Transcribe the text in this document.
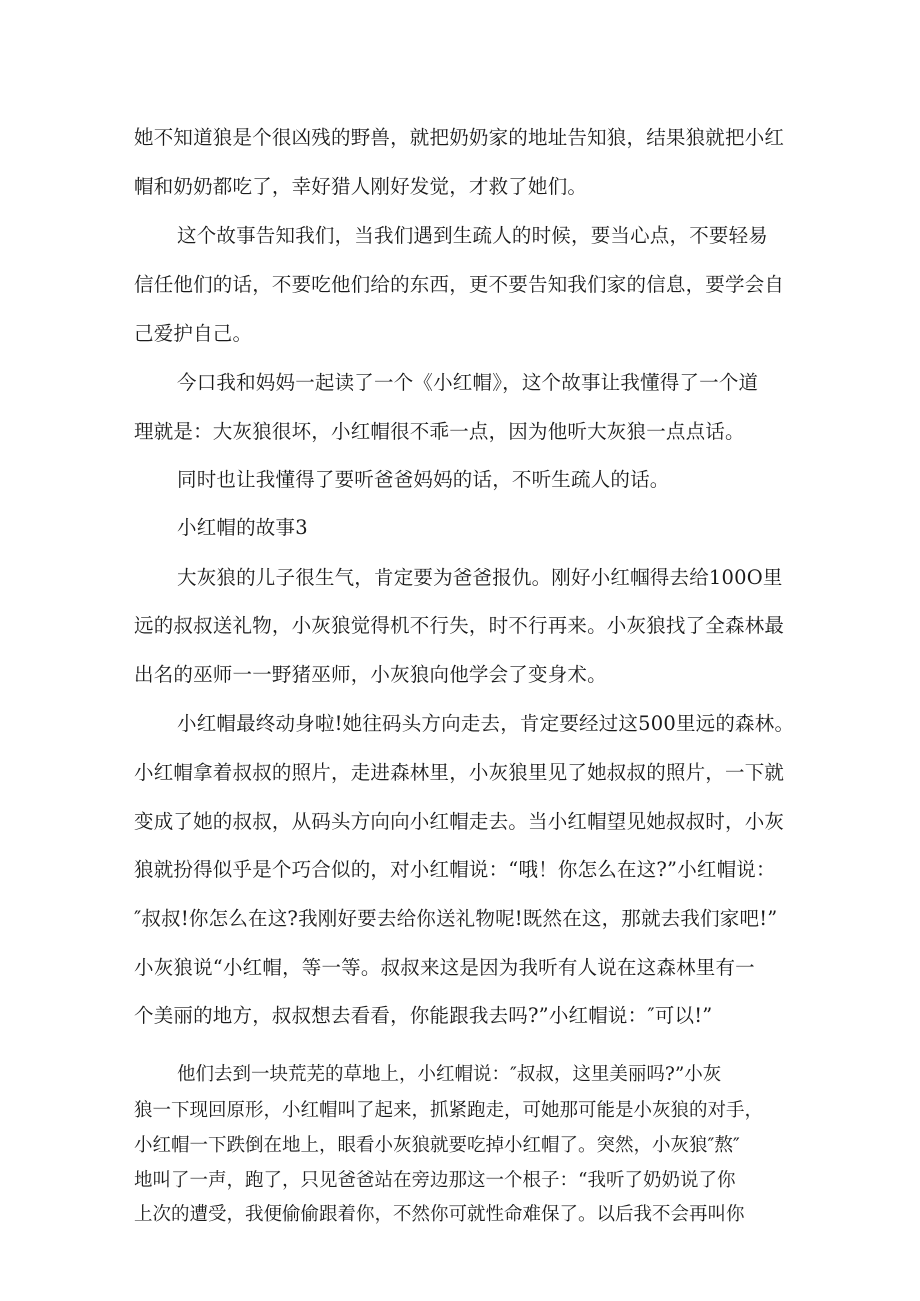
她不知道狼是个很凶残的野兽，就把奶奶家的地址告知狼，结果狼就把小红
帽和奶奶都吃了，幸好猎人刚好发觉，才救了她们。
这个故事告知我们，当我们遇到生疏人的时候，要当心点，不要轻易
信任他们的话，不要吃他们给的东西，更不要告知我们家的信息，要学会自
己爱护自己。
今口我和妈妈一起读了一个《小红帽》，这个故事让我懂得了一个道
理就是：大灰狼很坏，小红帽很不乖一点，因为他听大灰狼一点点话。
同时也让我懂得了要听爸爸妈妈的话，不听生疏人的话。
小红帽的故事3
大灰狼的儿子很生气，肯定要为爸爸报仇。刚好小红帼得去给100O里
远的叔叔送礼物，小灰狼觉得机不行失，时不行再来。小灰狼找了全森林最
出名的巫师一一野猪巫师，小灰狼向他学会了变身术。
小红帽最终动身啦!她往码头方向走去，肯定要经过这500里远的森林。
小红帽拿着叔叔的照片，走进森林里，小灰狼里见了她叔叔的照片，一下就
变成了她的叔叔，从码头方向向小红帽走去。当小红帽望见她叔叔时，小灰
狼就扮得似乎是个巧合似的，对小红帽说：“哦！你怎么在这?”小红帽说：
″叔叔!你怎么在这?我刚好要去给你送礼物呢!既然在这，那就去我们家吧!”
小灰狼说“小红帽，等一等。叔叔来这是因为我听有人说在这森林里有一
个美丽的地方，叔叔想去看看，你能跟我去吗?”小红帽说：″可以!”
他们去到一块荒芜的草地上，小红帽说：″叔叔，这里美丽吗?”小灰
狼一下现回原形，小红帽叫了起来，抓紧跑走，可她那可能是小灰狼的对手，
小红帽一下跌倒在地上，眼看小灰狼就要吃掉小红帽了。突然，小灰狼″熬″
地叫了一声，跑了，只见爸爸站在旁边那这一个根子：“我听了奶奶说了你
上次的遭受，我便偷偷跟着你，不然你可就性命难保了。以后我不会再叫你
